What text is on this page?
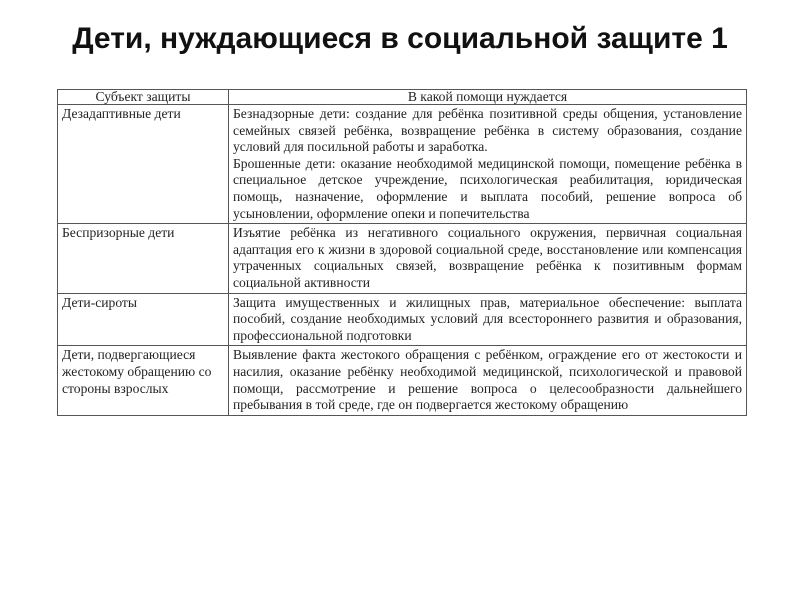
Дети, нуждающиеся в социальной защите 1
Субъект защиты	В какой помощи нуждается
Дезадаптивные дети	Безнадзорные дети: создание для ребёнка позитивной среды общения, установление семейных связей ребёнка, возвращение ребёнка в систему образования, создание условий для посильной работы и заработка.
Брошенные дети: оказание необходимой медицинской помощи, помещение ребёнка в специальное детское учреждение, психологическая реабилитация, юридическая помощь, назначение, оформление и выплата пособий, решение вопроса об усыновлении, оформление опеки и попечительства

Беспризорные дети	Изъятие ребёнка из негативного социального окружения, первичная социальная адаптация его к жизни в здоровой социальной среде, восстановление или компенсация утраченных социальных связей, возвращение ребёнка к позитивным формам социальной активности

Дети-сироты	Защита имущественных и жилищных прав, материальное обеспечение: выплата пособий, создание необходимых условий для всестороннего развития и образования, профессиональной подготовки

Дети, подвергающиеся жестокому обращению со стороны взрослых	Выявление факта жестокого обращения с ребёнком, ограждение его от жестокости и насилия, оказание ребёнку необходимой медицинской, психологической и правовой помощи, рассмотрение и решение вопроса о целесообразности дальнейшего пребывания в той среде, где он подвергается жестокому обращению
